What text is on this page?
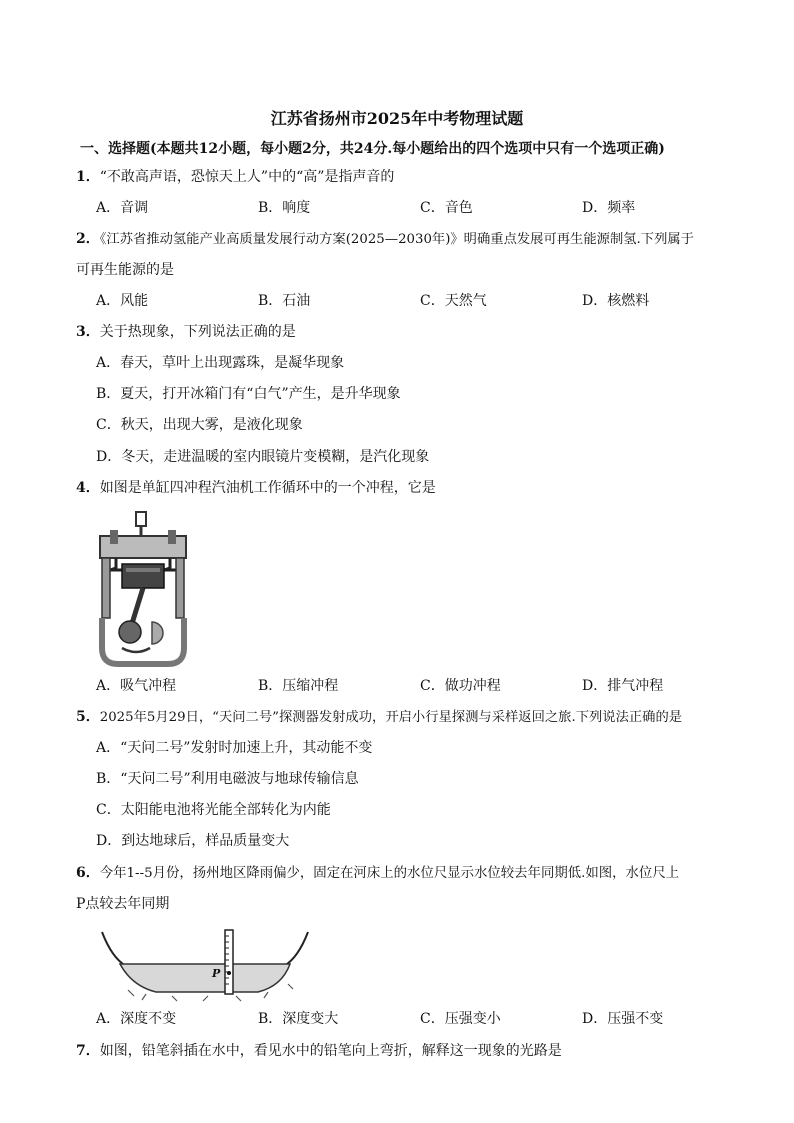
江苏省扬州市2025年中考物理试题
一、选择题(本题共12小题，每小题2分，共24分.每小题给出的四个选项中只有一个选项正确)
1．“不敢高声语，恐惊天上人”中的“高”是指声音的
A．音调	B．响度	C．音色	D．频率
2．《江苏省推动氢能产业高质量发展行动方案(2025—2030年)》明确重点发展可再生能源制氢.下列属于
可再生能源的是
A．风能	B．石油	C．天然气	D．核燃料
3．关于热现象，下列说法正确的是
A．春天，草叶上出现露珠，是凝华现象
B．夏天，打开冰箱门有“白气”产生，是升华现象
C．秋天，出现大雾，是液化现象
D．冬天，走进温暖的室内眼镜片变模糊，是汽化现象
4．如图是单缸四冲程汽油机工作循环中的一个冲程，它是
A．吸气冲程	B．压缩冲程	C．做功冲程	D．排气冲程
5．2025年5月29日，“天问二号”探测器发射成功，开启小行星探测与采样返回之旅.下列说法正确的是
A．“天问二号”发射时加速上升，其动能不变
B．“天问二号”利用电磁波与地球传输信息
C．太阳能电池将光能全部转化为内能
D．到达地球后，样品质量变大
6．今年1--5月份，扬州地区降雨偏少，固定在河床上的水位尺显示水位较去年同期低.如图，水位尺上
P点较去年同期
P
A．深度不变	B．深度变大	C．压强变小	D．压强不变
7．如图，铅笔斜插在水中，看见水中的铅笔向上弯折，解释这一现象的光路是
